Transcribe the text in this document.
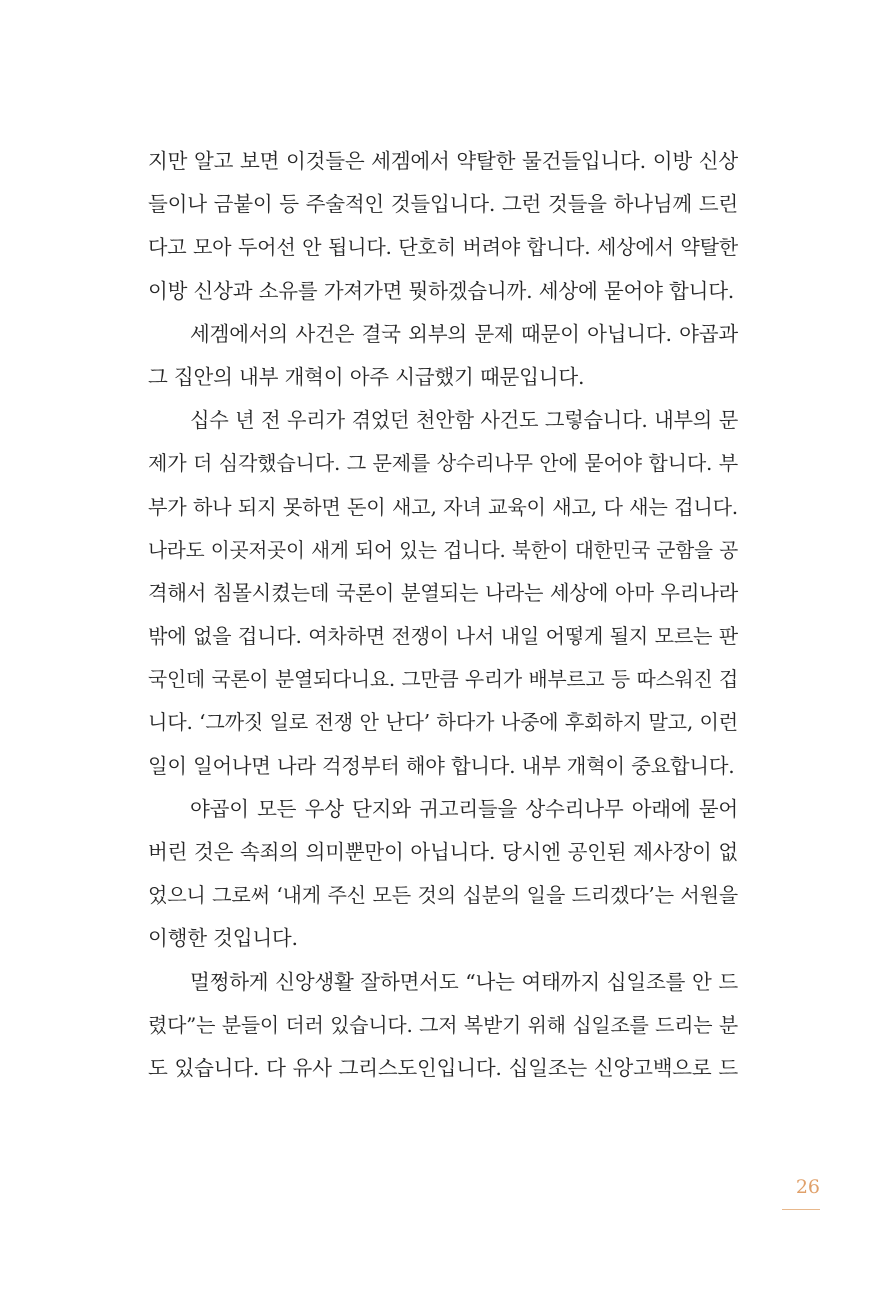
지만 알고 보면 이것들은 세겜에서 약탈한 물건들입니다. 이방 신상
들이나 금붙이 등 주술적인 것들입니다. 그런 것들을 하나님께 드린
다고 모아 두어선 안 됩니다. 단호히 버려야 합니다. 세상에서 약탈한
이방 신상과 소유를 가져가면 뭣하겠습니까. 세상에 묻어야 합니다.
세겜에서의 사건은 결국 외부의 문제 때문이 아닙니다. 야곱과
그 집안의 내부 개혁이 아주 시급했기 때문입니다.
십수 년 전 우리가 겪었던 천안함 사건도 그렇습니다. 내부의 문
제가 더 심각했습니다. 그 문제를 상수리나무 안에 묻어야 합니다. 부
부가 하나 되지 못하면 돈이 새고, 자녀 교육이 새고, 다 새는 겁니다.
나라도 이곳저곳이 새게 되어 있는 겁니다. 북한이 대한민국 군함을 공
격해서 침몰시켰는데 국론이 분열되는 나라는 세상에 아마 우리나라
밖에 없을 겁니다. 여차하면 전쟁이 나서 내일 어떻게 될지 모르는 판
국인데 국론이 분열되다니요. 그만큼 우리가 배부르고 등 따스워진 겁
니다. ‘그까짓 일로 전쟁 안 난다’ 하다가 나중에 후회하지 말고, 이런
일이 일어나면 나라 걱정부터 해야 합니다. 내부 개혁이 중요합니다.
야곱이 모든 우상 단지와 귀고리들을 상수리나무 아래에 묻어
버린 것은 속죄의 의미뿐만이 아닙니다. 당시엔 공인된 제사장이 없
었으니 그로써 ‘내게 주신 모든 것의 십분의 일을 드리겠다’는 서원을
이행한 것입니다.
멀쩡하게 신앙생활 잘하면서도 “나는 여태까지 십일조를 안 드
렸다”는 분들이 더러 있습니다. 그저 복받기 위해 십일조를 드리는 분
도 있습니다. 다 유사 그리스도인입니다. 십일조는 신앙고백으로 드
26
